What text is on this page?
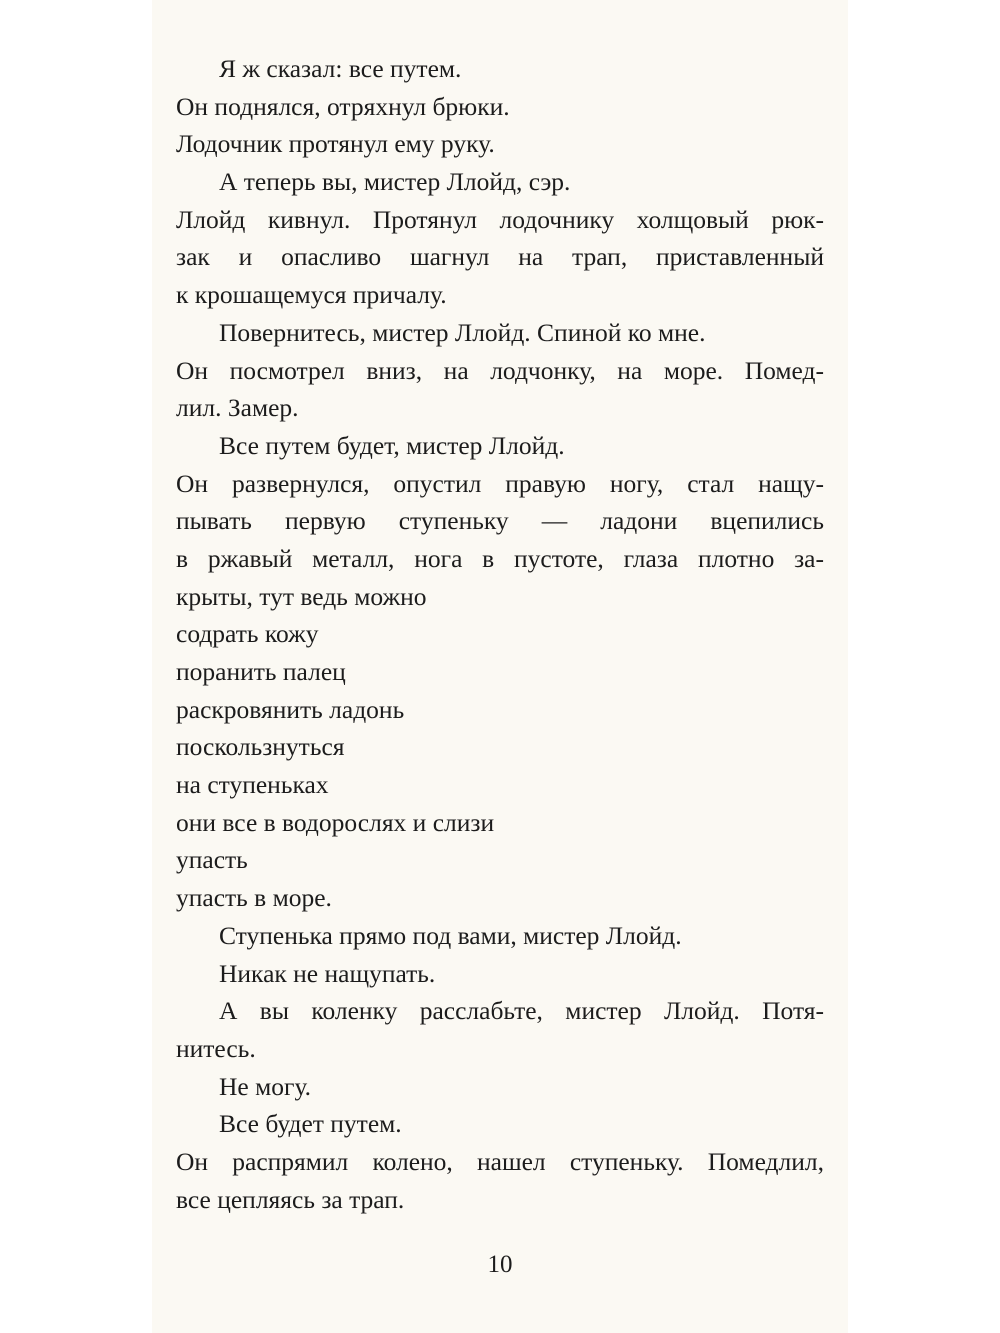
Я ж сказал: все путем.
Он поднялся, отряхнул брюки.
Лодочник протянул ему руку.
А теперь вы, мистер Ллойд, сэр.
Ллойд кивнул. Протянул лодочнику холщовый рюк-
зак и опасливо шагнул на трап, приставленный
к крошащемуся причалу.
Повернитесь, мистер Ллойд. Спиной ко мне.
Он посмотрел вниз, на лодчонку, на море. Помед-
лил. Замер.
Все путем будет, мистер Ллойд.
Он развернулся, опустил правую ногу, стал нащу-
пывать первую ступеньку — ладони вцепились
в ржавый металл, нога в пустоте, глаза плотно за-
крыты, тут ведь можно
содрать кожу
поранить палец
раскровянить ладонь
поскользнуться
на ступеньках
они все в водорослях и слизи
упасть
упасть в море.
Ступенька прямо под вами, мистер Ллойд.
Никак не нащупать.
А вы коленку расслабьте, мистер Ллойд. Потя-
нитесь.
Не могу.
Все будет путем.
Он распрямил колено, нашел ступеньку. Помедлил,
все цепляясь за трап.
10
